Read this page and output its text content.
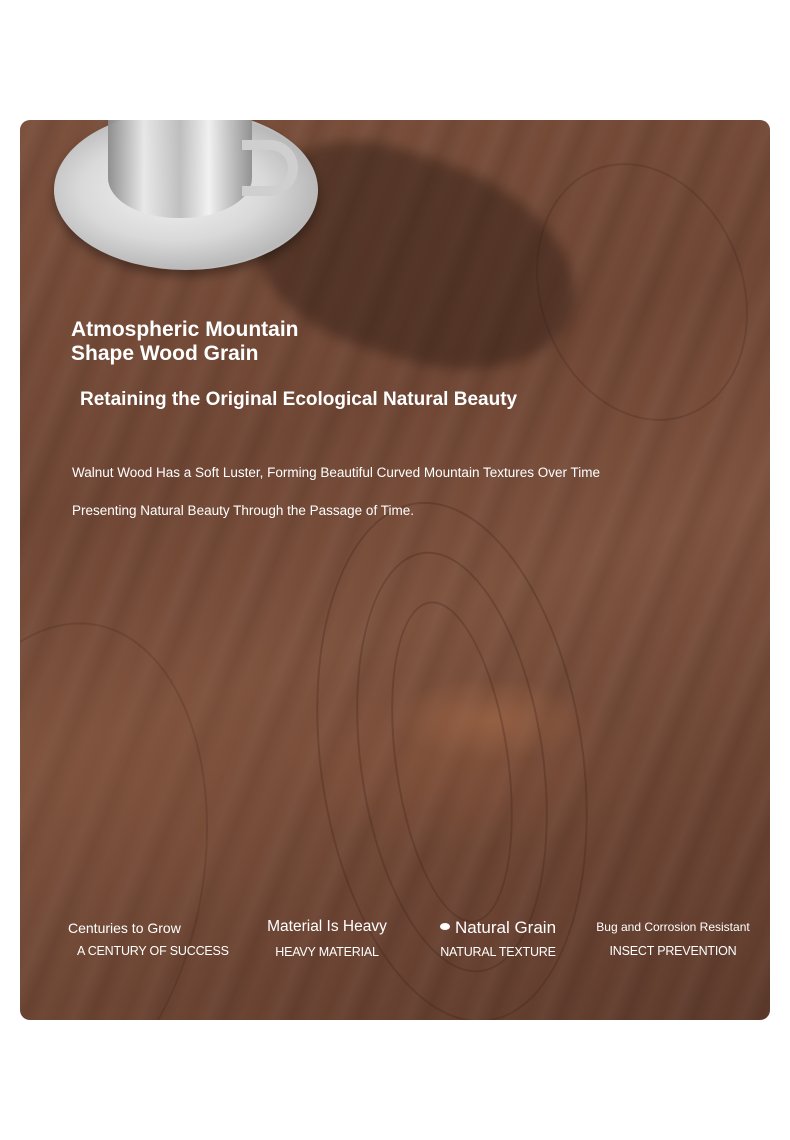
Atmospheric Mountain
Shape Wood Grain
Retaining the Original Ecological Natural Beauty
Walnut Wood Has a Soft Luster, Forming Beautiful Curved Mountain Textures Over Time
Presenting Natural Beauty Through the Passage of Time.
Centuries to Grow
A CENTURY OF SUCCESS
Material Is Heavy
HEAVY MATERIAL
Natural Grain
NATURAL TEXTURE
Bug and Corrosion Resistant
INSECT PREVENTION
